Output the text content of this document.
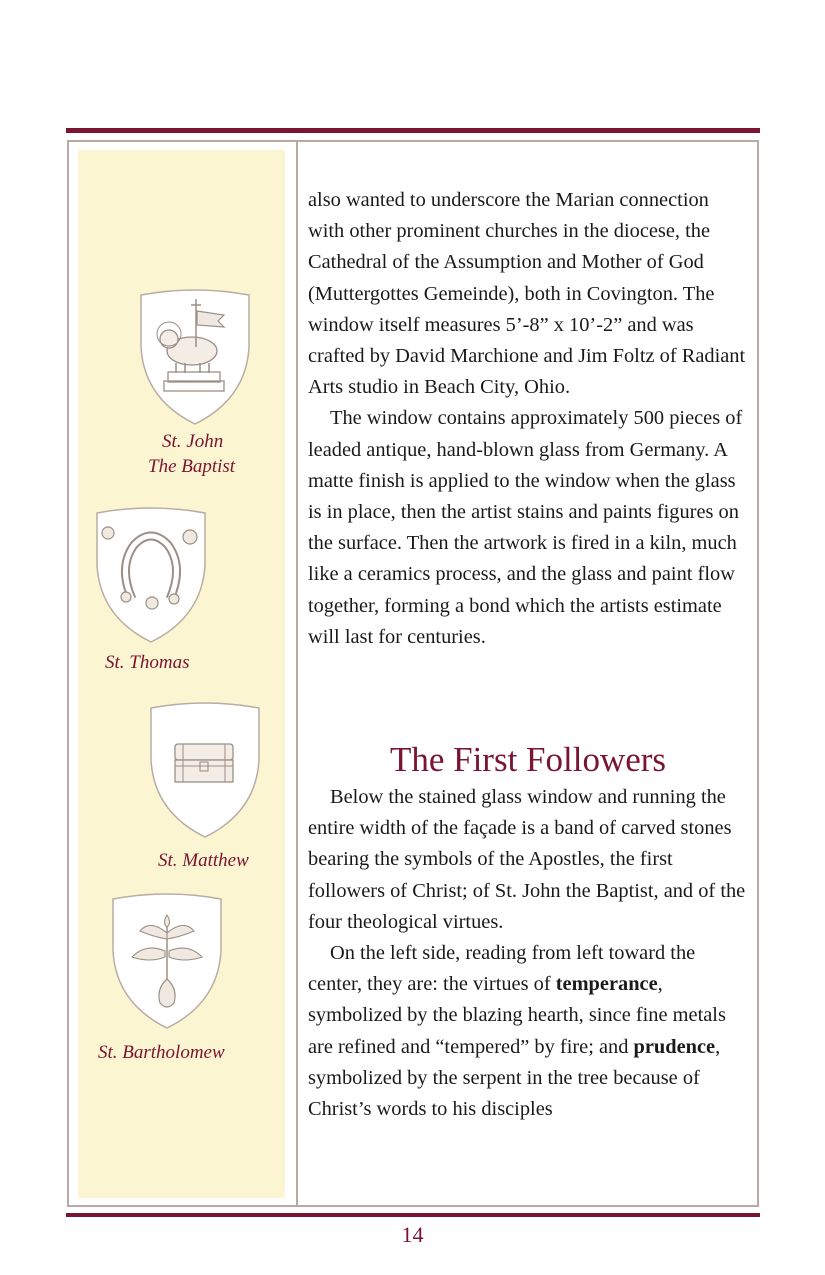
St. John
The Baptist
St. Thomas
St. Matthew
St. Bartholomew

also wanted to underscore the Marian connection with other prominent churches in the diocese, the Cathedral of the Assumption and Mother of God (Muttergottes Gemeinde), both in Covington. The window itself measures 5’-8” x 10’-2” and was crafted by David Marchione and Jim Foltz of Radiant Arts studio in Beach City, Ohio.

The window contains approximately 500 pieces of leaded antique, hand-blown glass from Germany. A matte finish is applied to the window when the glass is in place, then the artist stains and paints figures on the surface. Then the artwork is fired in a kiln, much like a ceramics process, and the glass and paint flow together, forming a bond which the artists estimate will last for centuries.

The First Followers

Below the stained glass window and running the entire width of the façade is a band of carved stones bearing the symbols of the Apostles, the first followers of Christ; of St. John the Baptist, and of the four theological virtues.

On the left side, reading from left toward the center, they are: the virtues of temperance, symbolized by the blazing hearth, since fine metals are refined and “tempered” by fire; and prudence, symbolized by the serpent in the tree because of Christ’s words to his disciples

14
